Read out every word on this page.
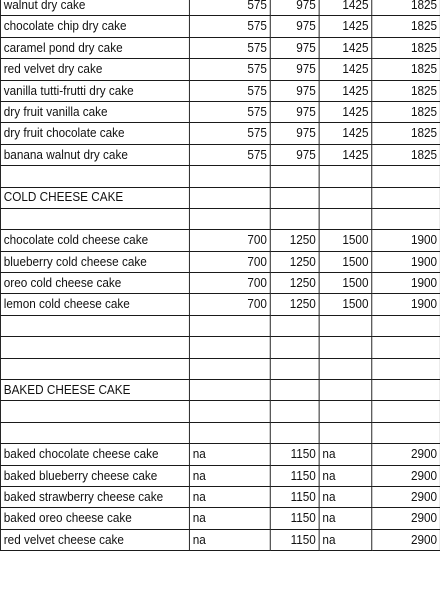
walnut dry cake	575	975	1425	1825
chocolate chip dry cake	575	975	1425	1825
caramel pond dry cake	575	975	1425	1825
red velvet dry cake	575	975	1425	1825
vanilla tutti-frutti dry cake	575	975	1425	1825
dry fruit vanilla cake	575	975	1425	1825
dry fruit chocolate cake	575	975	1425	1825
banana walnut dry cake	575	975	1425	1825

COLD CHEESE CAKE				

chocolate cold cheese cake	700	1250	1500	1900
blueberry cold cheese cake	700	1250	1500	1900
oreo cold cheese cake	700	1250	1500	1900
lemon cold cheese cake	700	1250	1500	1900

BAKED CHEESE CAKE				

baked chocolate cheese cake	na	1150	na	2900
baked blueberry cheese cake	na	1150	na	2900
baked strawberry cheese cake	na	1150	na	2900
baked oreo cheese cake	na	1150	na	2900
red velvet cheese cake	na	1150	na	2900
